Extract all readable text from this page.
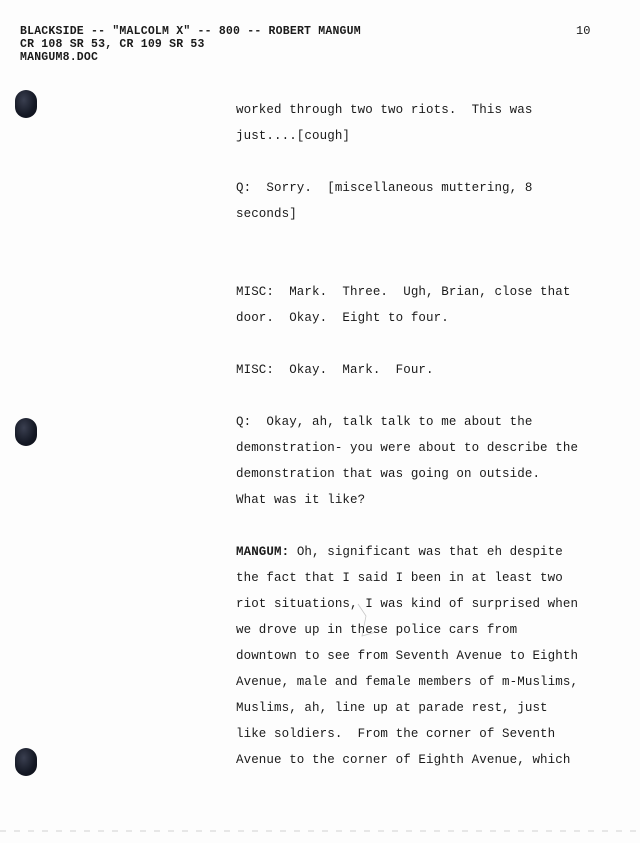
BLACKSIDE -- "MALCOLM X" -- 800 -- ROBERT MANGUM
CR 108 SR 53, CR 109 SR 53
MANGUM8.DOC
10
worked through two two riots.  This was
just....[cough]
Q:  Sorry.  [miscellaneous muttering, 8
seconds]
MISC:  Mark.  Three.  Ugh, Brian, close that
door.  Okay.  Eight to four.
MISC:  Okay.  Mark.  Four.
Q:  Okay, ah, talk talk to me about the
demonstration- you were about to describe the
demonstration that was going on outside.
What was it like?
MANGUM: Oh, significant was that eh despite
the fact that I said I been in at least two
riot situations, I was kind of surprised when
we drove up in these police cars from
downtown to see from Seventh Avenue to Eighth
Avenue, male and female members of m-Muslims,
Muslims, ah, line up at parade rest, just
like soldiers.  From the corner of Seventh
Avenue to the corner of Eighth Avenue, which
